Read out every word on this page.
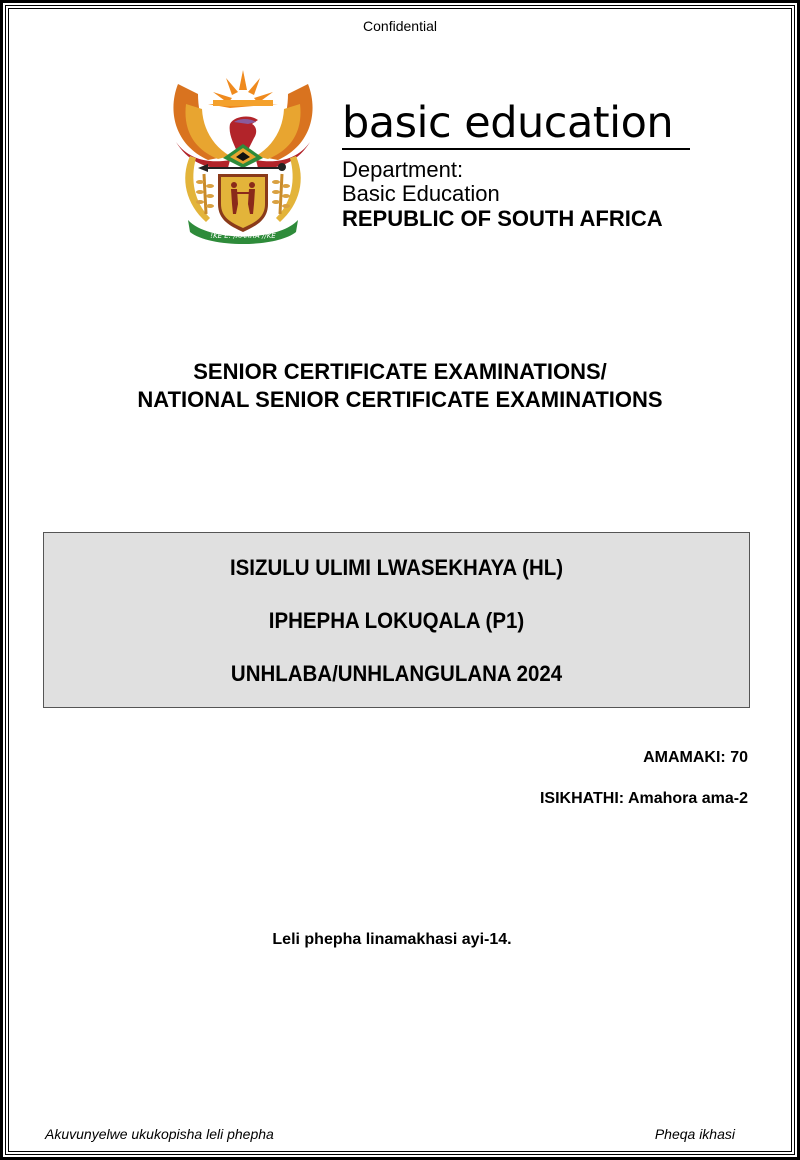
Confidential
!KE E: /XARRA //KE
basic education
Department:
Basic Education
REPUBLIC OF SOUTH AFRICA
SENIOR CERTIFICATE EXAMINATIONS/
NATIONAL SENIOR CERTIFICATE EXAMINATIONS
ISIZULU ULIMI LWASEKHAYA (HL)
IPHEPHA LOKUQALA (P1)
UNHLABA/UNHLANGULANA 2024
AMAMAKI: 70
ISIKHATHI: Amahora ama-2
Leli phepha linamakhasi ayi-14.
Akuvunyelwe ukukopisha leli phepha	Pheqa ikhasi
